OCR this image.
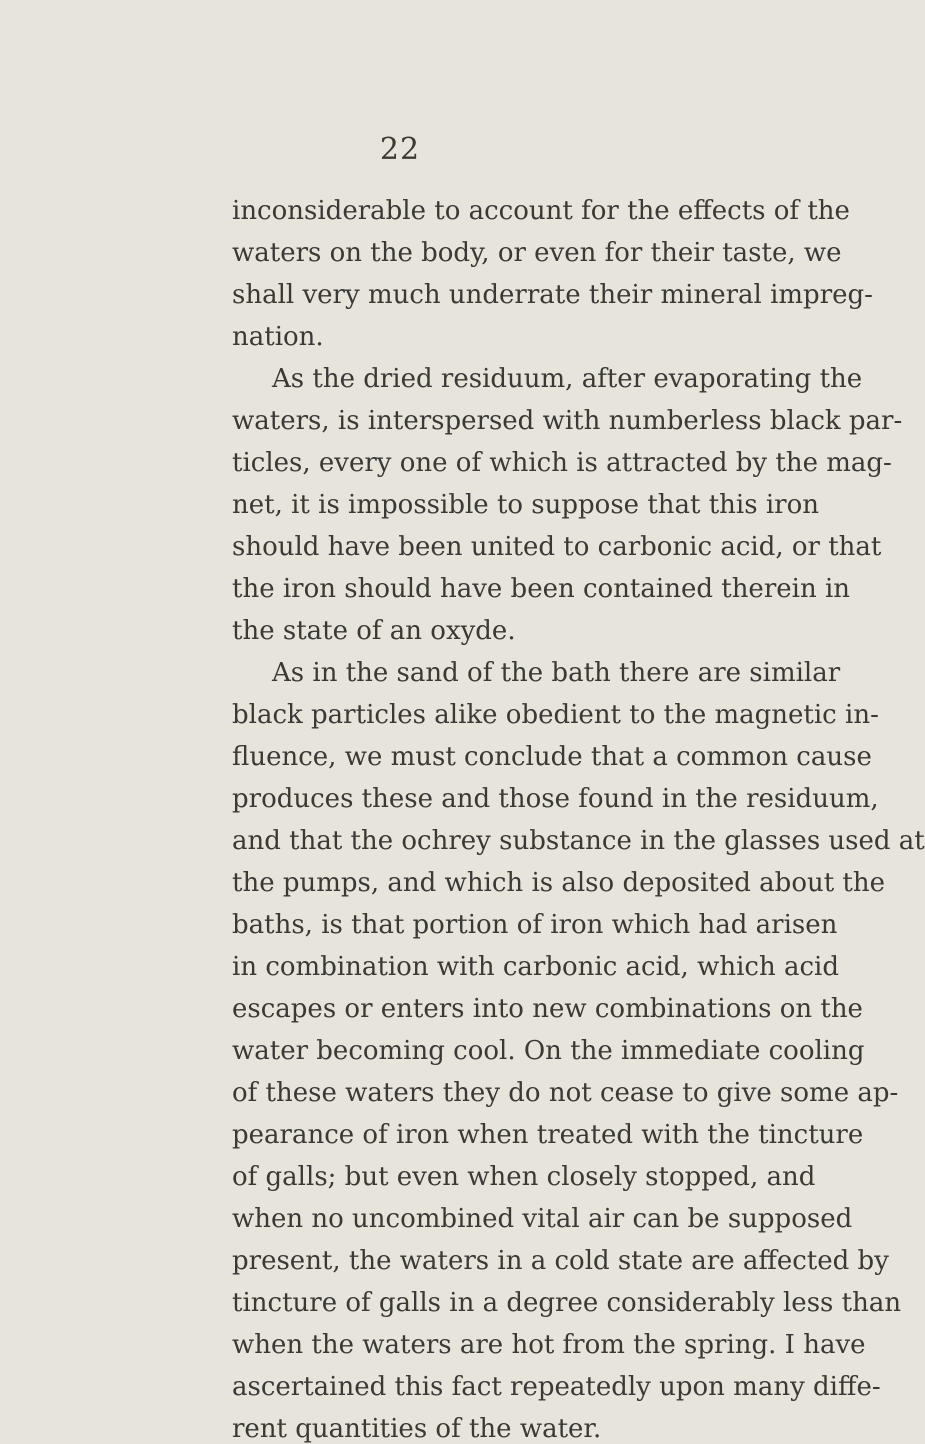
22
inconsiderable to account for the effects of the
waters on the body, or even for their taste, we
shall very much underrate their mineral impreg-
nation.
As the dried residuum, after evaporating the
waters, is interspersed with numberless black par-
ticles, every one of which is attracted by the mag-
net, it is impossible to suppose that this iron
should have been united to carbonic acid, or that
the iron should have been contained therein in
the state of an oxyde.
As in the sand of the bath there are similar
black particles alike obedient to the magnetic in-
fluence, we must conclude that a common cause
produces these and those found in the residuum,
and that the ochrey substance in the glasses used at
the pumps, and which is also deposited about the
baths, is that portion of iron which had arisen
in combination with carbonic acid, which acid
escapes or enters into new combinations on the
water becoming cool. On the immediate cooling
of these waters they do not cease to give some ap-
pearance of iron when treated with the tincture
of galls; but even when closely stopped, and
when no uncombined vital air can be supposed
present, the waters in a cold state are affected by
tincture of galls in a degree considerably less than
when the waters are hot from the spring. I have
ascertained this fact repeatedly upon many diffe-
rent quantities of the water.
